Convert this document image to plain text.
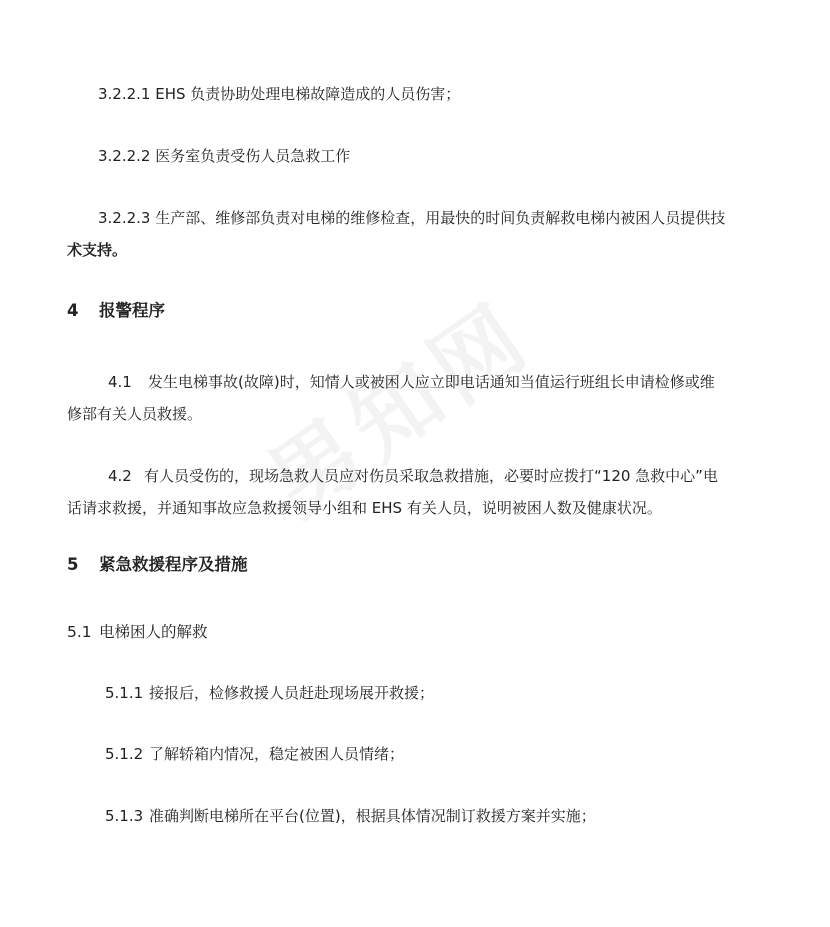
3.2.2.1 EHS 负责协助处理电梯故障造成的人员伤害；
3.2.2.2 医务室负责受伤人员急救工作
3.2.2.3 生产部、维修部负责对电梯的维修检查，用最快的时间负责解救电梯内被困人员提供技
术支持。
4 报警程序
4.1 发生电梯事故(故障)时，知情人或被困人应立即电话通知当值运行班组长申请检修或维
修部有关人员救援。
4.2 有人员受伤的，现场急救人员应对伤员采取急救措施，必要时应拨打“120 急救中心”电
话请求救援，并通知事故应急救援领导小组和 EHS 有关人员，说明被困人数及健康状况。
5 紧急救援程序及措施
5.1 电梯困人的解救
5.1.1 接报后，检修救援人员赶赴现场展开救援；
5.1.2 了解轿箱内情况，稳定被困人员情绪；
5.1.3 准确判断电梯所在平台(位置)，根据具体情况制订救援方案并实施；
